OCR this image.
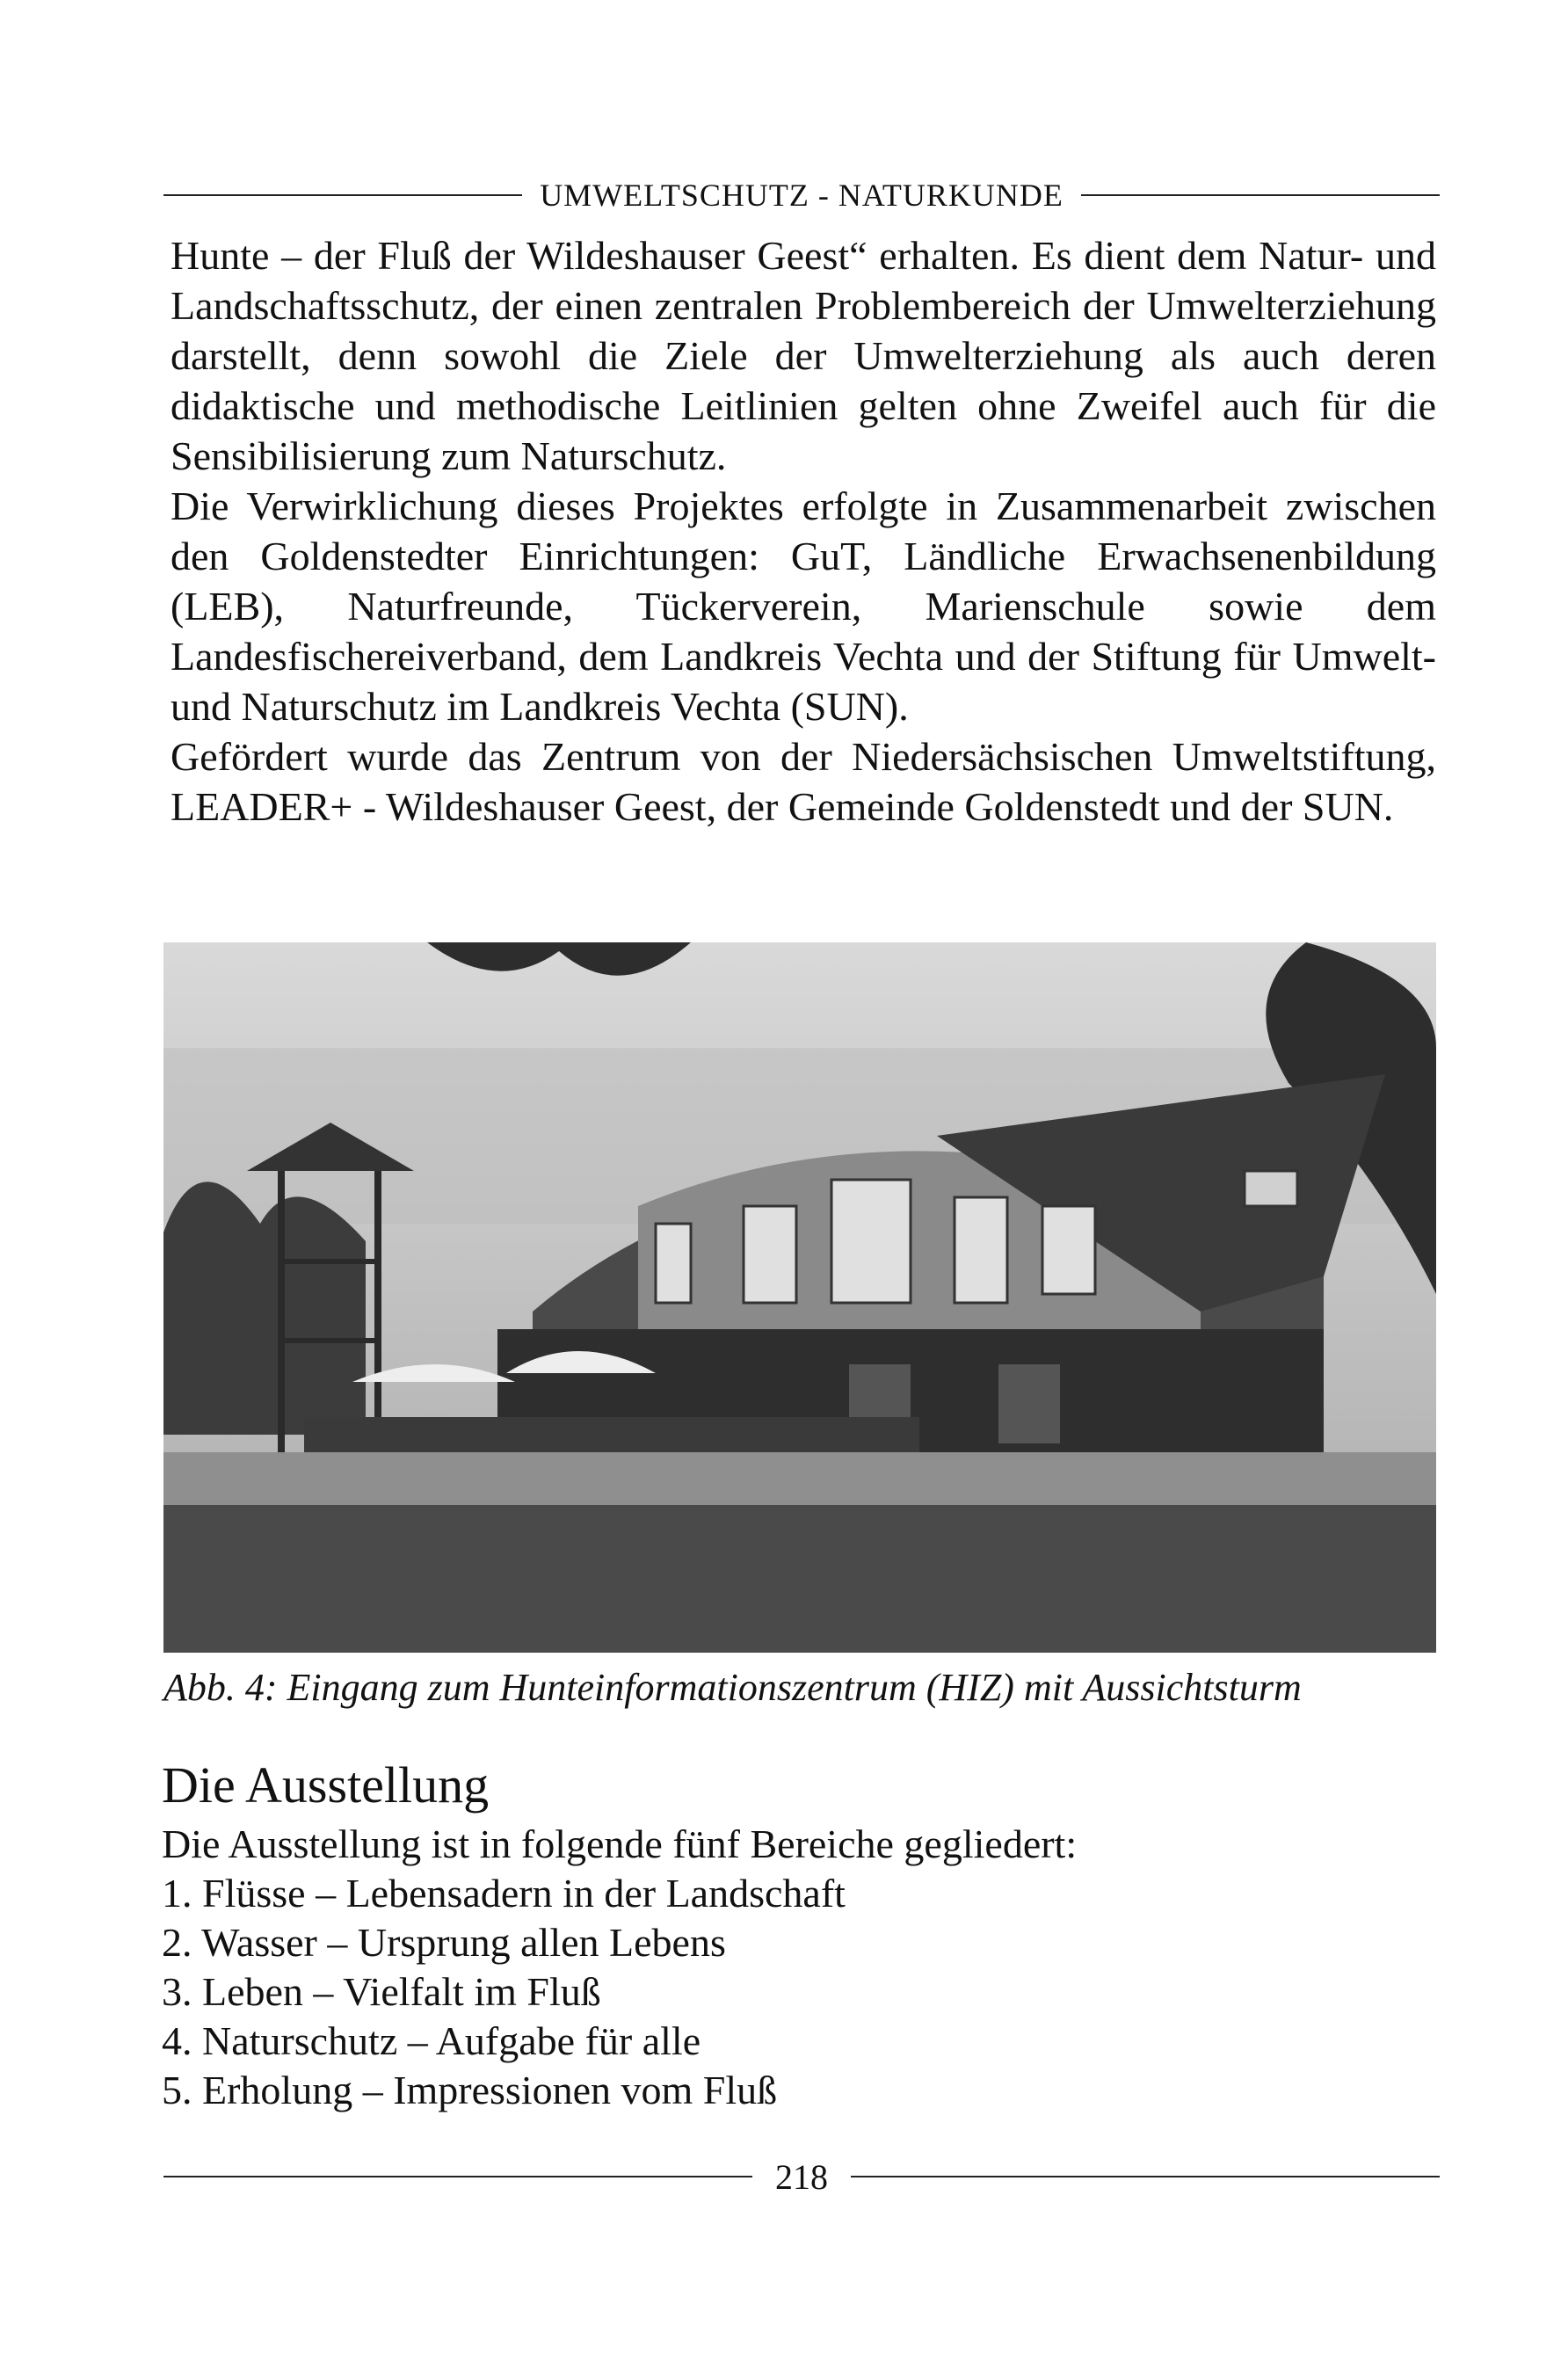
UMWELTSCHUTZ - NATURKUNDE

Hunte – der Fluß der Wildeshauser Geest“ erhalten. Es dient dem Natur- und Landschaftsschutz, der einen zentralen Problembereich der Umwelterziehung darstellt, denn sowohl die Ziele der Umwelterziehung als auch deren didaktische und methodische Leitlinien gelten ohne Zweifel auch für die Sensibilisierung zum Naturschutz.

Die Verwirklichung dieses Projektes erfolgte in Zusammenarbeit zwischen den Goldenstedter Einrichtungen: GuT, Ländliche Erwachsenenbildung (LEB), Naturfreunde, Tückerverein, Marienschule sowie dem Landesfischereiverband, dem Landkreis Vechta und der Stiftung für Umwelt- und Naturschutz im Landkreis Vechta (SUN).

Gefördert wurde das Zentrum von der Niedersächsischen Umweltstiftung, LEADER+ - Wildeshauser Geest, der Gemeinde Goldenstedt und der SUN.

Abb. 4: Eingang zum Hunteinformationszentrum (HIZ) mit Aussichtsturm
Die Ausstellung
Die Ausstellung ist in folgende fünf Bereiche gegliedert:
1. Flüsse – Lebensadern in der Landschaft
2. Wasser – Ursprung allen Lebens
3. Leben – Vielfalt im Fluß
4. Naturschutz – Aufgabe für alle
5. Erholung – Impressionen vom Fluß
218
